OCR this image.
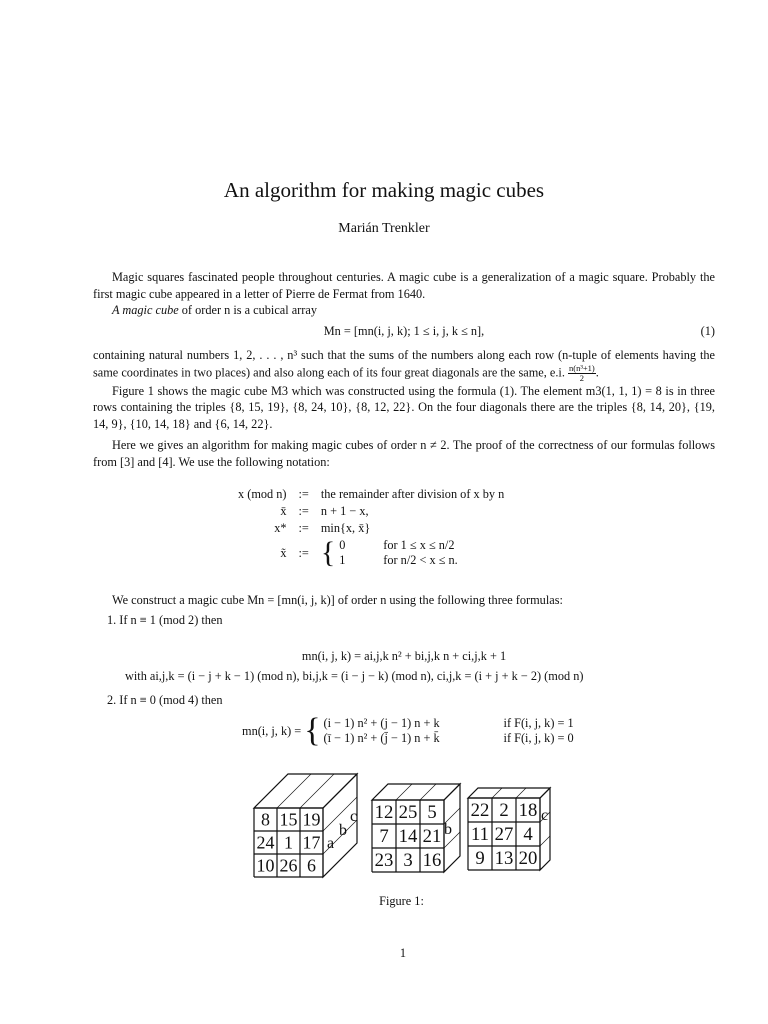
An algorithm for making magic cubes
Marián Trenkler

Magic squares fascinated people throughout centuries. A magic cube is a generalization of a magic square. Probably the first magic cube appeared in a letter of Pierre de Fermat from 1640.

A magic cube of order n is a cubical array

Mn = [mn(i, j, k); 1 ≤ i, j, k ≤ n],	(1)

containing natural numbers 1, 2, . . . , n³ such that the sums of the numbers along each row (n-tuple of elements having the same coordinates in two places) and also along each of its four great diagonals are the same, e.i. $\frac{\text{n(n³+1)}}{2}$ .

Figure 1 shows the magic cube M3 which was constructed using the formula (1). The element m3(1, 1, 1) = 8 is in three rows containing the triples {8, 15, 19}, {8, 24, 10}, {8, 12, 22}. On the four diagonals there are the triples {8, 14, 20}, {19, 14, 9}, {10, 14, 18} and {6, 14, 22}.

Here we gives an algorithm for making magic cubes of order n ≠ 2. The proof of the correctness of our formulas follows from [3] and [4]. We use the following notation:

x (mod n)	:=	the remainder after division of x by n
x̄	:=	n + 1 − x,
x*	:=	min{x, x̄}
x̃	:=	{ 0 for 1 ≤ x ≤ n/2
1 for n/2 < x ≤ n.

We construct a magic cube Mn = [mn(i, j, k)] of order n using the following three formulas:

1. If n ≡ 1 (mod 2) then
mn(i, j, k) = ai,j,k n² + bi,j,k n + ci,j,k + 1
with ai,j,k = (i − j + k − 1) (mod n), bi,j,k = (i − j − k) (mod n), ci,j,k = (i + j + k − 2) (mod n)
2. If n ≡ 0 (mod 4) then
mn(i, j, k) = { (i − 1) n² + (j − 1) n + k	if F(i, j, k) = 1
(ī − 1) n² + (j̄ − 1) n + k̄	if F(i, j, k) = 0
8 15 19
24 1 17
10 26 6
a
b
c 12 25 5
7 14 21
23 3 16
b
22 2 18
11 27 4
9 13 20
c
Figure 1:
1
